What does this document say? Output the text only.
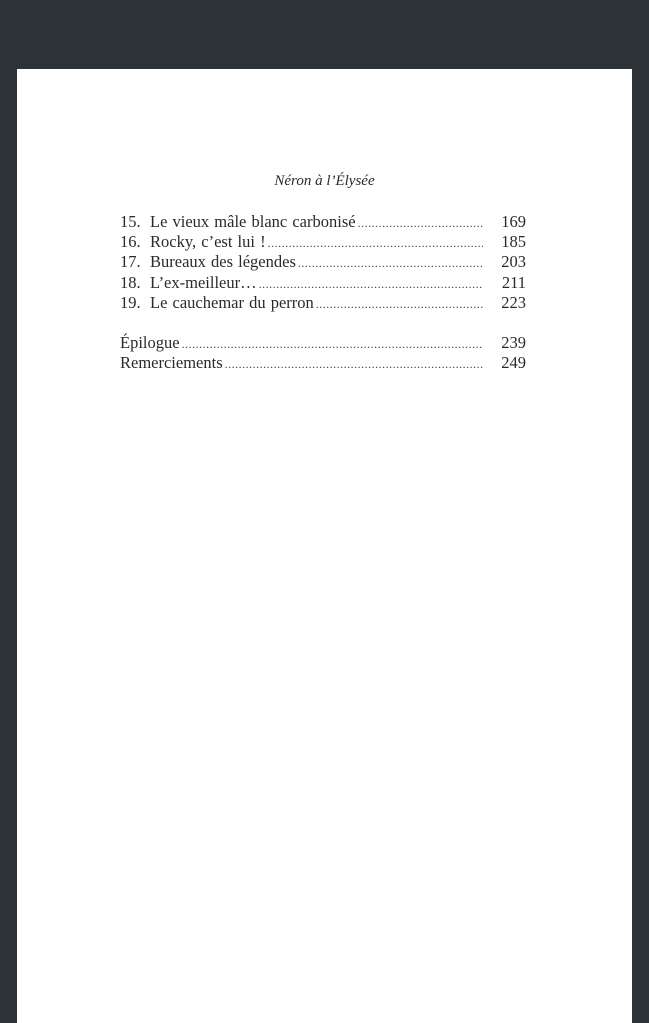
Néron à l’Élysée
15. Le vieux mâle blanc carbonisé .....	169
16. Rocky, c’est lui ! .....	185
17. Bureaux des légendes .....	203
18. L’ex-meilleur… .....	211
19. Le cauchemar du perron .....	223
Épilogue .....	239
Remerciements .....	249
